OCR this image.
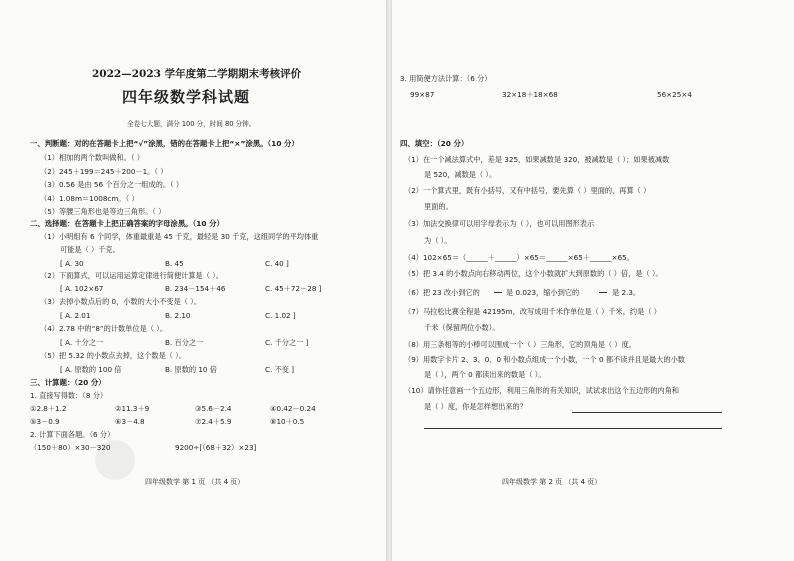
2022—2023 学年度第二学期期末考核评价
四年级数学科试题
全卷七大题，满分 100 分，时间 80 分钟。
一、判断题：对的在答题卡上把“√”涂黑，错的在答题卡上把“×”涂黑。（10 分）
（1）相加的两个数叫做和。（ ）
（2）245＋199＝245＋200－1。（ ）
（3）0.56 是由 56 个百分之一组成的。（ ）
（4）1.08m＝1008cm。（ ）
（5）等腰三角形也是等边三角形。（ ）
二、选择题：在答题卡上把正确答案的字母涂黑。（10 分）
（1）小明组有 6 个同学，体重最重是 45 千克，最轻是 30 千克，这组同学的平均体重
可能是（ ）千克。
[ A. 30	B. 45	C. 40 ]
（2）下面算式，可以运用运算定律进行简便计算是（ ）。
[ A. 102×67	B. 234－154＋46	C. 45＋72－28 ]
（3）去掉小数点后的 0，小数的大小不变是（ ）。
[ A. 2.01	B. 2.10	C. 1.02 ]
（4）2.78 中的“8”的计数单位是（ ）。
[ A. 十分之一	B. 百分之一	C. 千分之一 ]
（5）把 5.32 的小数点去掉，这个数是（ ）。
[ A. 原数的 100 倍	B. 原数的 10 倍	C. 不变 ]
三、计算题：（20 分）
1. 直接写得数：（8 分）
①2.8＋1.2	②11.3＋9	③5.6－2.4	④0.42－0.24
⑤3－0.9	⑥3－4.8	⑦2.4＋5.9	⑧10＋0.5
2. 计算下面各题。（6 分）
（150＋80）×30－320	9200÷[（68＋32）×23]
四年级数学 第 1 页 （共 4 页）
3. 用简便方法计算：（6 分）
99×87	32×18＋18×68	56×25×4
四、填空：（20 分）
（1）在一个减法算式中，差是 325，如果减数是 320，被减数是（ ）；如果被减数
是 520，减数是（ ）。
（2）一个算式里，既有小括号，又有中括号，要先算（ ）里面的，再算（ ）
里面的。
（3）加法交换律可以用字母表示为（ ），也可以用图形表示
为（ ）。
（4）102×65＝（______＋______）×65＝______×65＋______×65。
（5）把 3.4 的小数点向右移动两位，这个小数就扩大到原数的（ ）倍，是（ ）。
（6）把 23 改小到它的	是 0.023，缩小到它的	是 2.3。
（7）马拉松比赛全程是 42195m，改写成用千米作单位是（ ）千米，约是（ ）
千米（保留两位小数）。
（8）用三条相等的小棒可以围成一个（ ）三角形，它的顶角是（ ）度。
（9）用数字卡片 2、3、0、0 和小数点组成一个小数，一个 0 都不读并且是最大的小数
是（ ），两个 0 都读出来的数是（ ）。
（10）请你任意画一个五边形，利用三角形的有关知识，试试求出这个五边形的内角和
是（ ）度，你是怎样想出来的？
四年级数学 第 2 页 （共 4 页）
